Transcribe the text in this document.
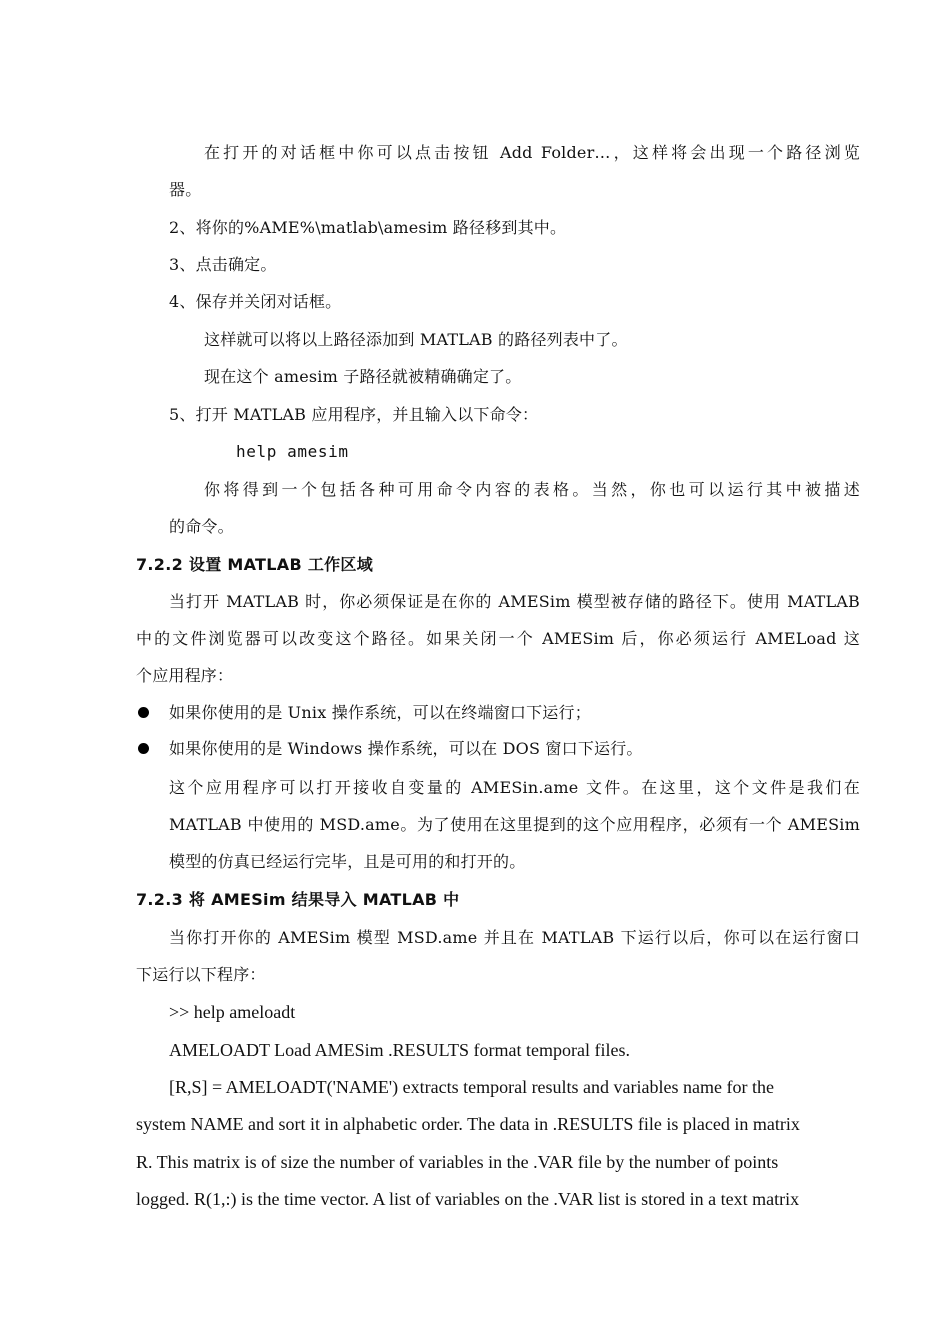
在打开的对话框中你可以点击按钮 Add Folder…，这样将会出现一个路径浏览
器。
2、将你的%AME%\matlab\amesim 路径移到其中。
3、点击确定。
4、保存并关闭对话框。
这样就可以将以上路径添加到 MATLAB 的路径列表中了。
现在这个 amesim 子路径就被精确确定了。
5、打开 MATLAB 应用程序，并且输入以下命令：
help amesim
你将得到一个包括各种可用命令内容的表格。当然，你也可以运行其中被描述
的命令。
7.2.2 设置 MATLAB 工作区域
当打开 MATLAB 时，你必须保证是在你的 AMESim 模型被存储的路径下。使用 MATLAB
中的文件浏览器可以改变这个路径。如果关闭一个 AMESim 后，你必须运行 AMELoad 这
个应用程序：
如果你使用的是 Unix 操作系统，可以在终端窗口下运行；
如果你使用的是 Windows 操作系统，可以在 DOS 窗口下运行。
这个应用程序可以打开接收自变量的 AMESin.ame 文件。在这里，这个文件是我们在
MATLAB 中使用的 MSD.ame。为了使用在这里提到的这个应用程序，必须有一个 AMESim
模型的仿真已经运行完毕，且是可用的和打开的。
7.2.3 将 AMESim 结果导入 MATLAB 中
当你打开你的 AMESim 模型 MSD.ame 并且在 MATLAB 下运行以后，你可以在运行窗口
下运行以下程序：
>> help ameloadt
AMELOADT Load AMESim .RESULTS format temporal files.
[R,S] = AMELOADT('NAME') extracts temporal results and variables name for the
system NAME and sort it in alphabetic order. The data in .RESULTS file is placed in matrix
R. This matrix is of size the number of variables in the .VAR file by the number of points
logged. R(1,:) is the time vector. A list of variables on the .VAR list is stored in a text matrix
